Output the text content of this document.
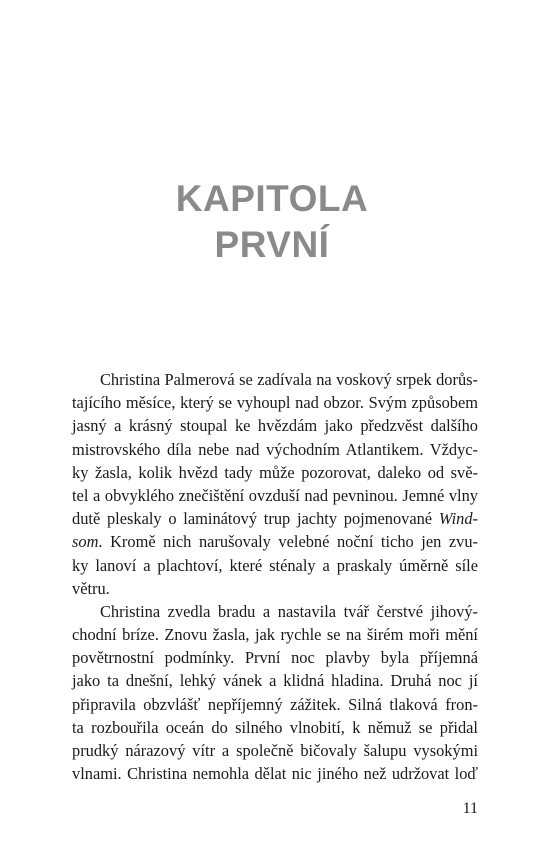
KAPITOLA
PRVNÍ
Christina Palmerová se zadívala na voskový srpek dorůs-
tajícího měsíce, který se vyhoupl nad obzor. Svým způsobem
jasný a krásný stoupal ke hvězdám jako předzvěst dalšího
mistrovského díla nebe nad východním Atlantikem. Vždyc-
ky žasla, kolik hvězd tady může pozorovat, daleko od svě-
tel a obvyklého znečištění ovzduší nad pevninou. Jemné vlny
dutě pleskaly o laminátový trup jachty pojmenované Wind-
som. Kromě nich narušovaly velebné noční ticho jen zvu-
ky lanoví a plachtoví, které sténaly a praskaly úměrně síle
větru.
Christina zvedla bradu a nastavila tvář čerstvé jihový-
chodní bríze. Znovu žasla, jak rychle se na širém moři mění
povětrnostní podmínky. První noc plavby byla příjemná
jako ta dnešní, lehký vánek a klidná hladina. Druhá noc jí
připravila obzvlášť nepříjemný zážitek. Silná tlaková fron-
ta rozbouřila oceán do silného vlnobití, k němuž se přidal
prudký nárazový vítr a společně bičovaly šalupu vysokými
vlnami. Christina nemohla dělat nic jiného než udržovat loď
11
